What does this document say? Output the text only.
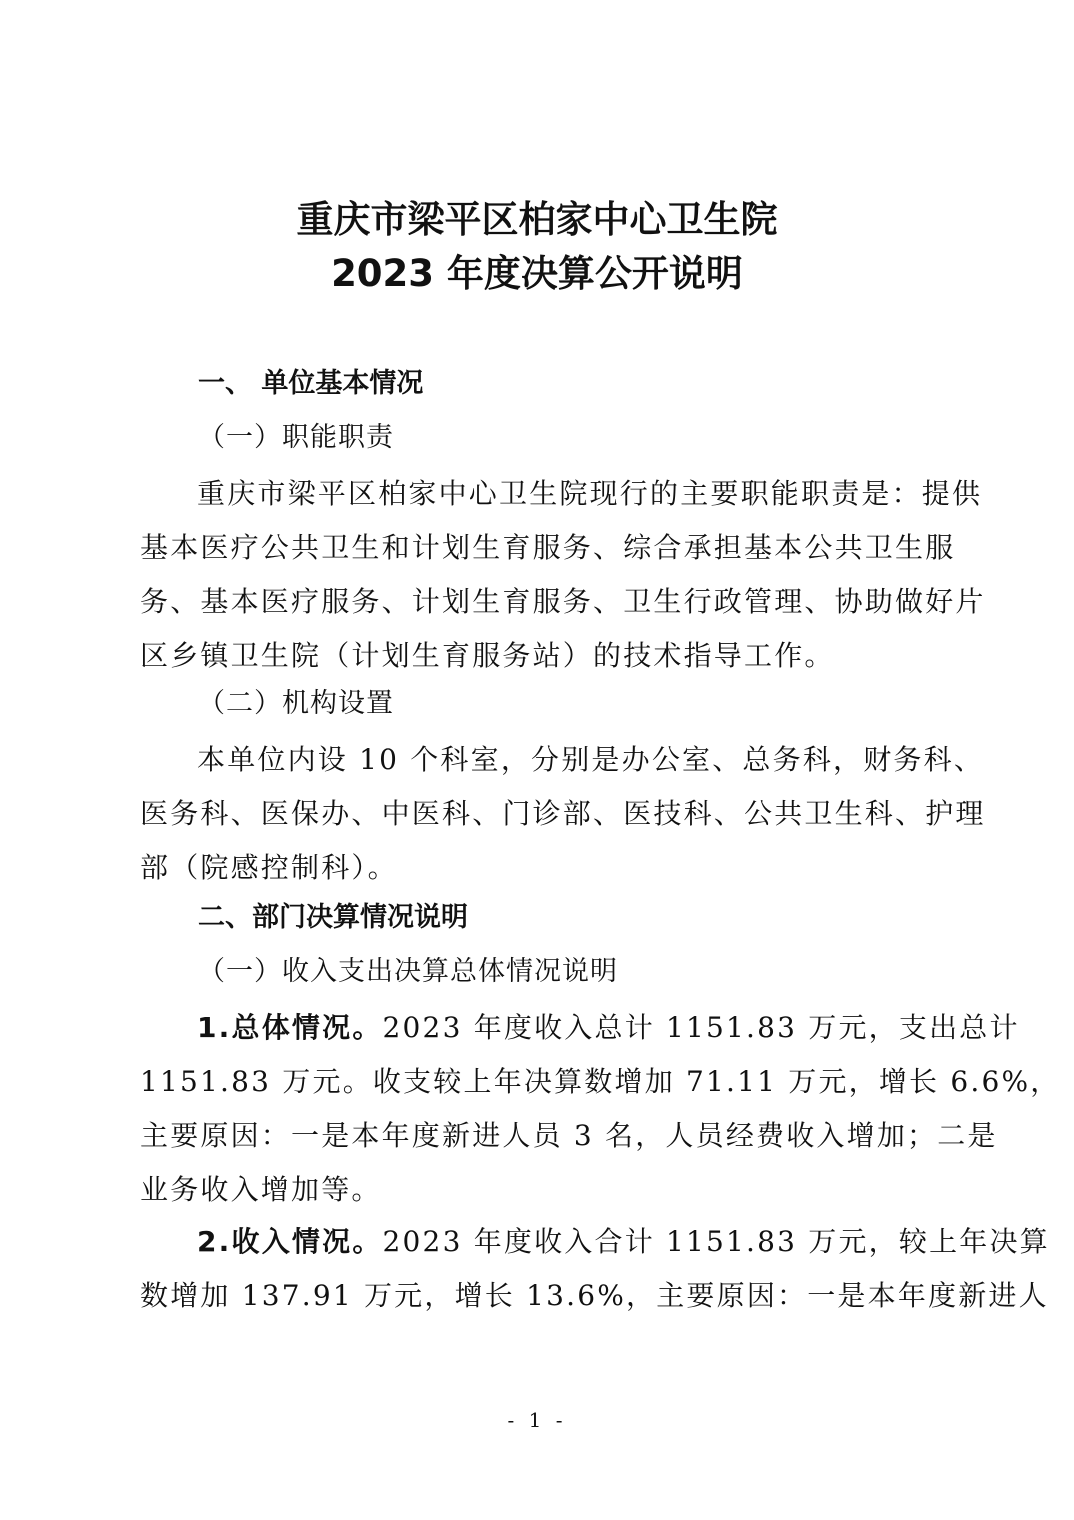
重庆市梁平区柏家中心卫生院
2023 年度决算公开说明
一、 单位基本情况
（一）职能职责
重庆市梁平区柏家中心卫生院现行的主要职能职责是：提供
基本医疗公共卫生和计划生育服务、综合承担基本公共卫生服
务、基本医疗服务、计划生育服务、卫生行政管理、协助做好片
区乡镇卫生院（计划生育服务站）的技术指导工作。
（二）机构设置
本单位内设 10 个科室，分别是办公室、总务科，财务科、
医务科、医保办、中医科、门诊部、医技科、公共卫生科、护理
部（院感控制科）。
二、部门决算情况说明
（一）收入支出决算总体情况说明
1.总体情况。2023 年度收入总计 1151.83 万元，支出总计
1151.83 万元。收支较上年决算数增加 71.11 万元，增长 6.6%，
主要原因：一是本年度新进人员 3 名，人员经费收入增加；二是
业务收入增加等。
2.收入情况。2023 年度收入合计 1151.83 万元，较上年决算
数增加 137.91 万元，增长 13.6%，主要原因：一是本年度新进人
- 1 -
